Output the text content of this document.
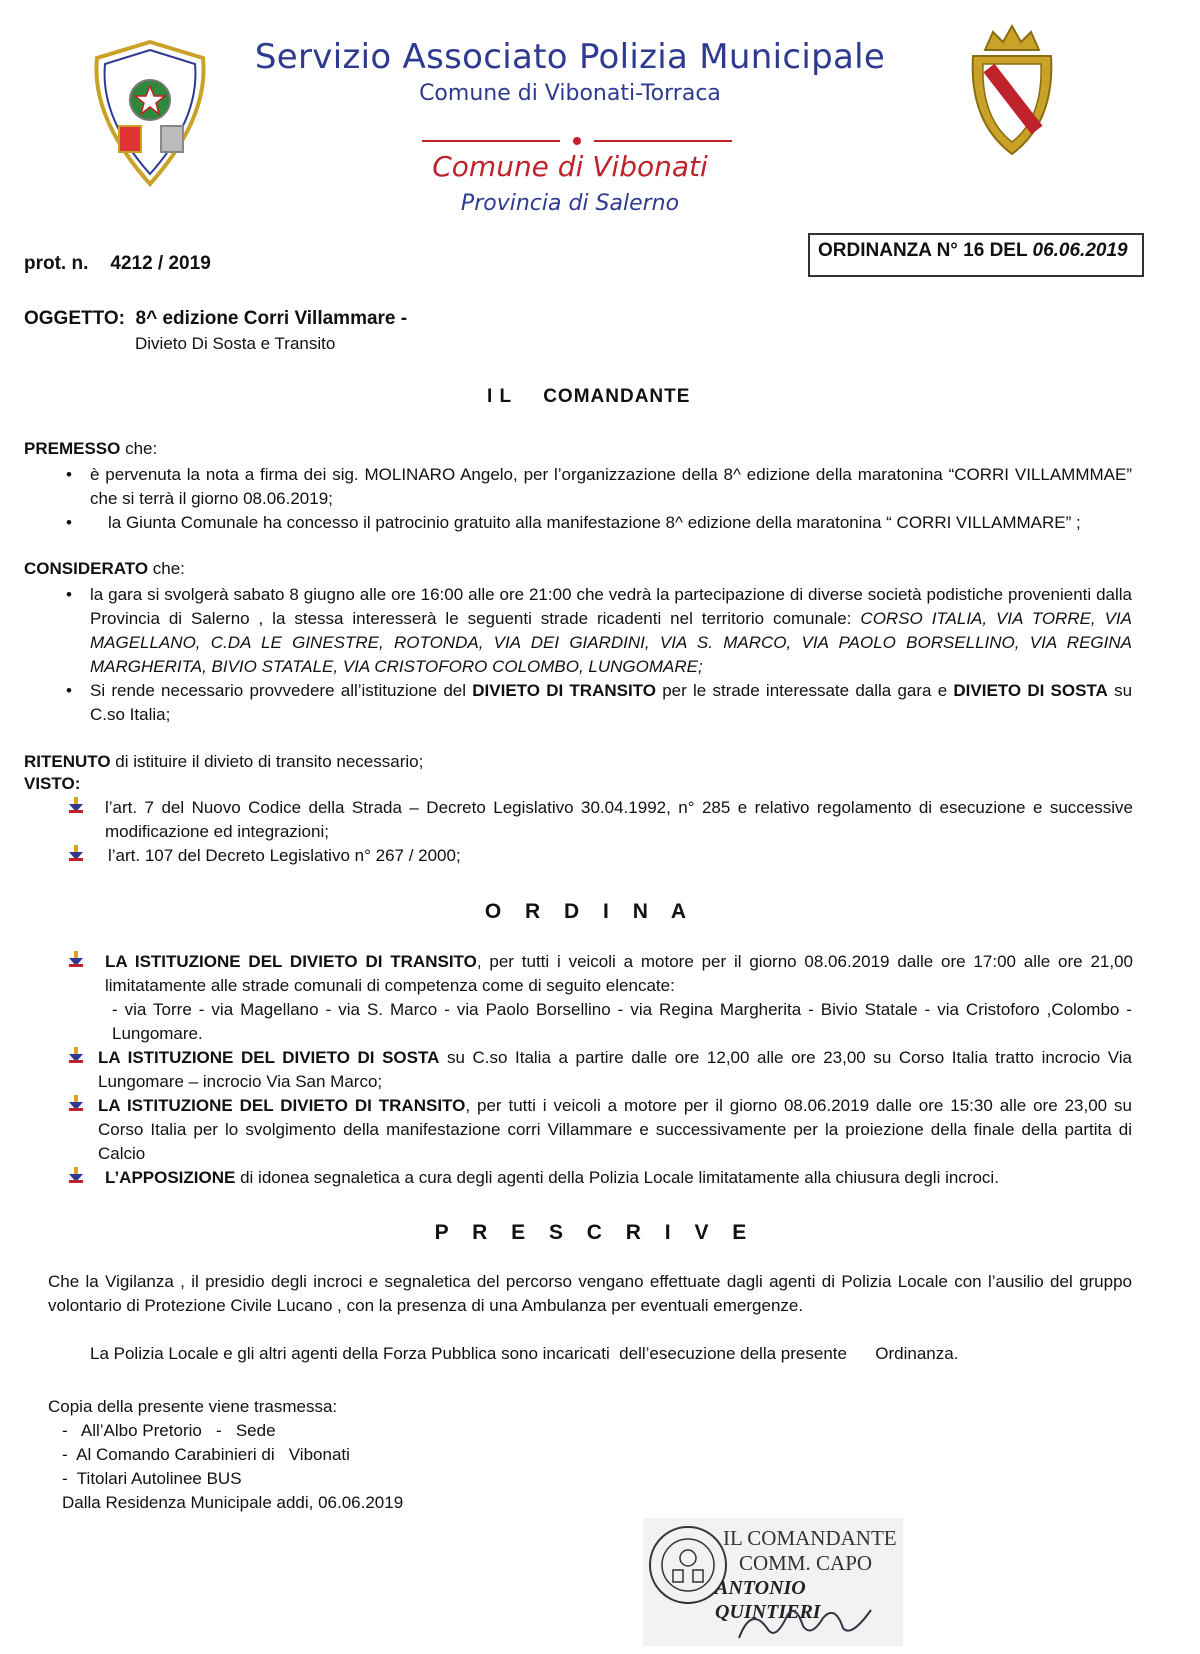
Servizio Associato Polizia Municipale
Comune di Vibonati-Torraca
Comune di Vibonati
Provincia di Salerno
prot. n. 4212 / 2019
ORDINANZA N° 16 DEL 06.06.2019
OGGETTO: 8^ edizione Corri Villammare -
Divieto Di Sosta e Transito
I L     COMANDANTE
PREMESSO che:
• è pervenuta la nota a firma dei sig. MOLINARO Angelo, per l’organizzazione della 8^ edizione della maratonina “CORRI VILLAMMMAE” che si terrà il giorno 08.06.2019;
• la Giunta Comunale ha concesso il patrocinio gratuito alla manifestazione 8^ edizione della maratonina “ CORRI VILLAMMARE” ;
CONSIDERATO che:
• la gara si svolgerà sabato 8 giugno alle ore 16:00 alle ore 21:00 che vedrà la partecipazione di diverse società podistiche provenienti dalla Provincia di Salerno , la stessa interesserà le seguenti strade ricadenti nel territorio comunale: CORSO ITALIA, VIA TORRE, VIA MAGELLANO, C.DA LE GINESTRE, ROTONDA, VIA DEI GIARDINI, VIA S. MARCO, VIA PAOLO BORSELLINO, VIA REGINA MARGHERITA, BIVIO STATALE, VIA CRISTOFORO COLOMBO, LUNGOMARE;
• Si rende necessario provvedere all’istituzione del DIVIETO DI TRANSITO per le strade interessate dalla gara e DIVIETO DI SOSTA su C.so Italia;
RITENUTO di istituire il divieto di transito necessario;
VISTO:
l’art. 7 del Nuovo Codice della Strada – Decreto Legislativo 30.04.1992, n° 285 e relativo regolamento di esecuzione e successive modificazione ed integrazioni;
l’art. 107 del Decreto Legislativo n° 267 / 2000;
O R D I N A
LA ISTITUZIONE DEL DIVIETO DI TRANSITO, per tutti i veicoli a motore per il giorno 08.06.2019 dalle ore 17:00 alle ore 21,00 limitatamente alle strade comunali di competenza come di seguito elencate:
- via Torre - via Magellano - via S. Marco - via Paolo Borsellino - via Regina Margherita - Bivio Statale - via Cristoforo ,Colombo - Lungomare.
LA ISTITUZIONE DEL DIVIETO DI SOSTA su C.so Italia a partire dalle ore 12,00 alle ore 23,00 su Corso Italia tratto incrocio Via Lungomare – incrocio Via San Marco;
LA ISTITUZIONE DEL DIVIETO DI TRANSITO, per tutti i veicoli a motore per il giorno 08.06.2019 dalle ore 15:30 alle ore 23,00 su Corso Italia per lo svolgimento della manifestazione corri Villammare e successivamente per la proiezione della finale della partita di Calcio
L’APPOSIZIONE di idonea segnaletica a cura degli agenti della Polizia Locale limitatamente alla chiusura degli incroci.
P R E S C R I V E
Che la Vigilanza , il presidio degli incroci e segnaletica del percorso vengano effettuate dagli agenti di Polizia Locale con l’ausilio del gruppo volontario di Protezione Civile Lucano , con la presenza di una Ambulanza per eventuali emergenze.
La Polizia Locale e gli altri agenti della Forza Pubblica sono incaricati  dell’esecuzione della presente      Ordinanza.
Copia della presente viene trasmessa:
-   All’Albo Pretorio   -   Sede
-  Al Comando Carabinieri di   Vibonati
-  Titolari Autolinee BUS
Dalla Residenza Municipale addi, 06.06.2019
IL COMANDANTE
COMM. CAPO
ANTONIO QUINTIERI
